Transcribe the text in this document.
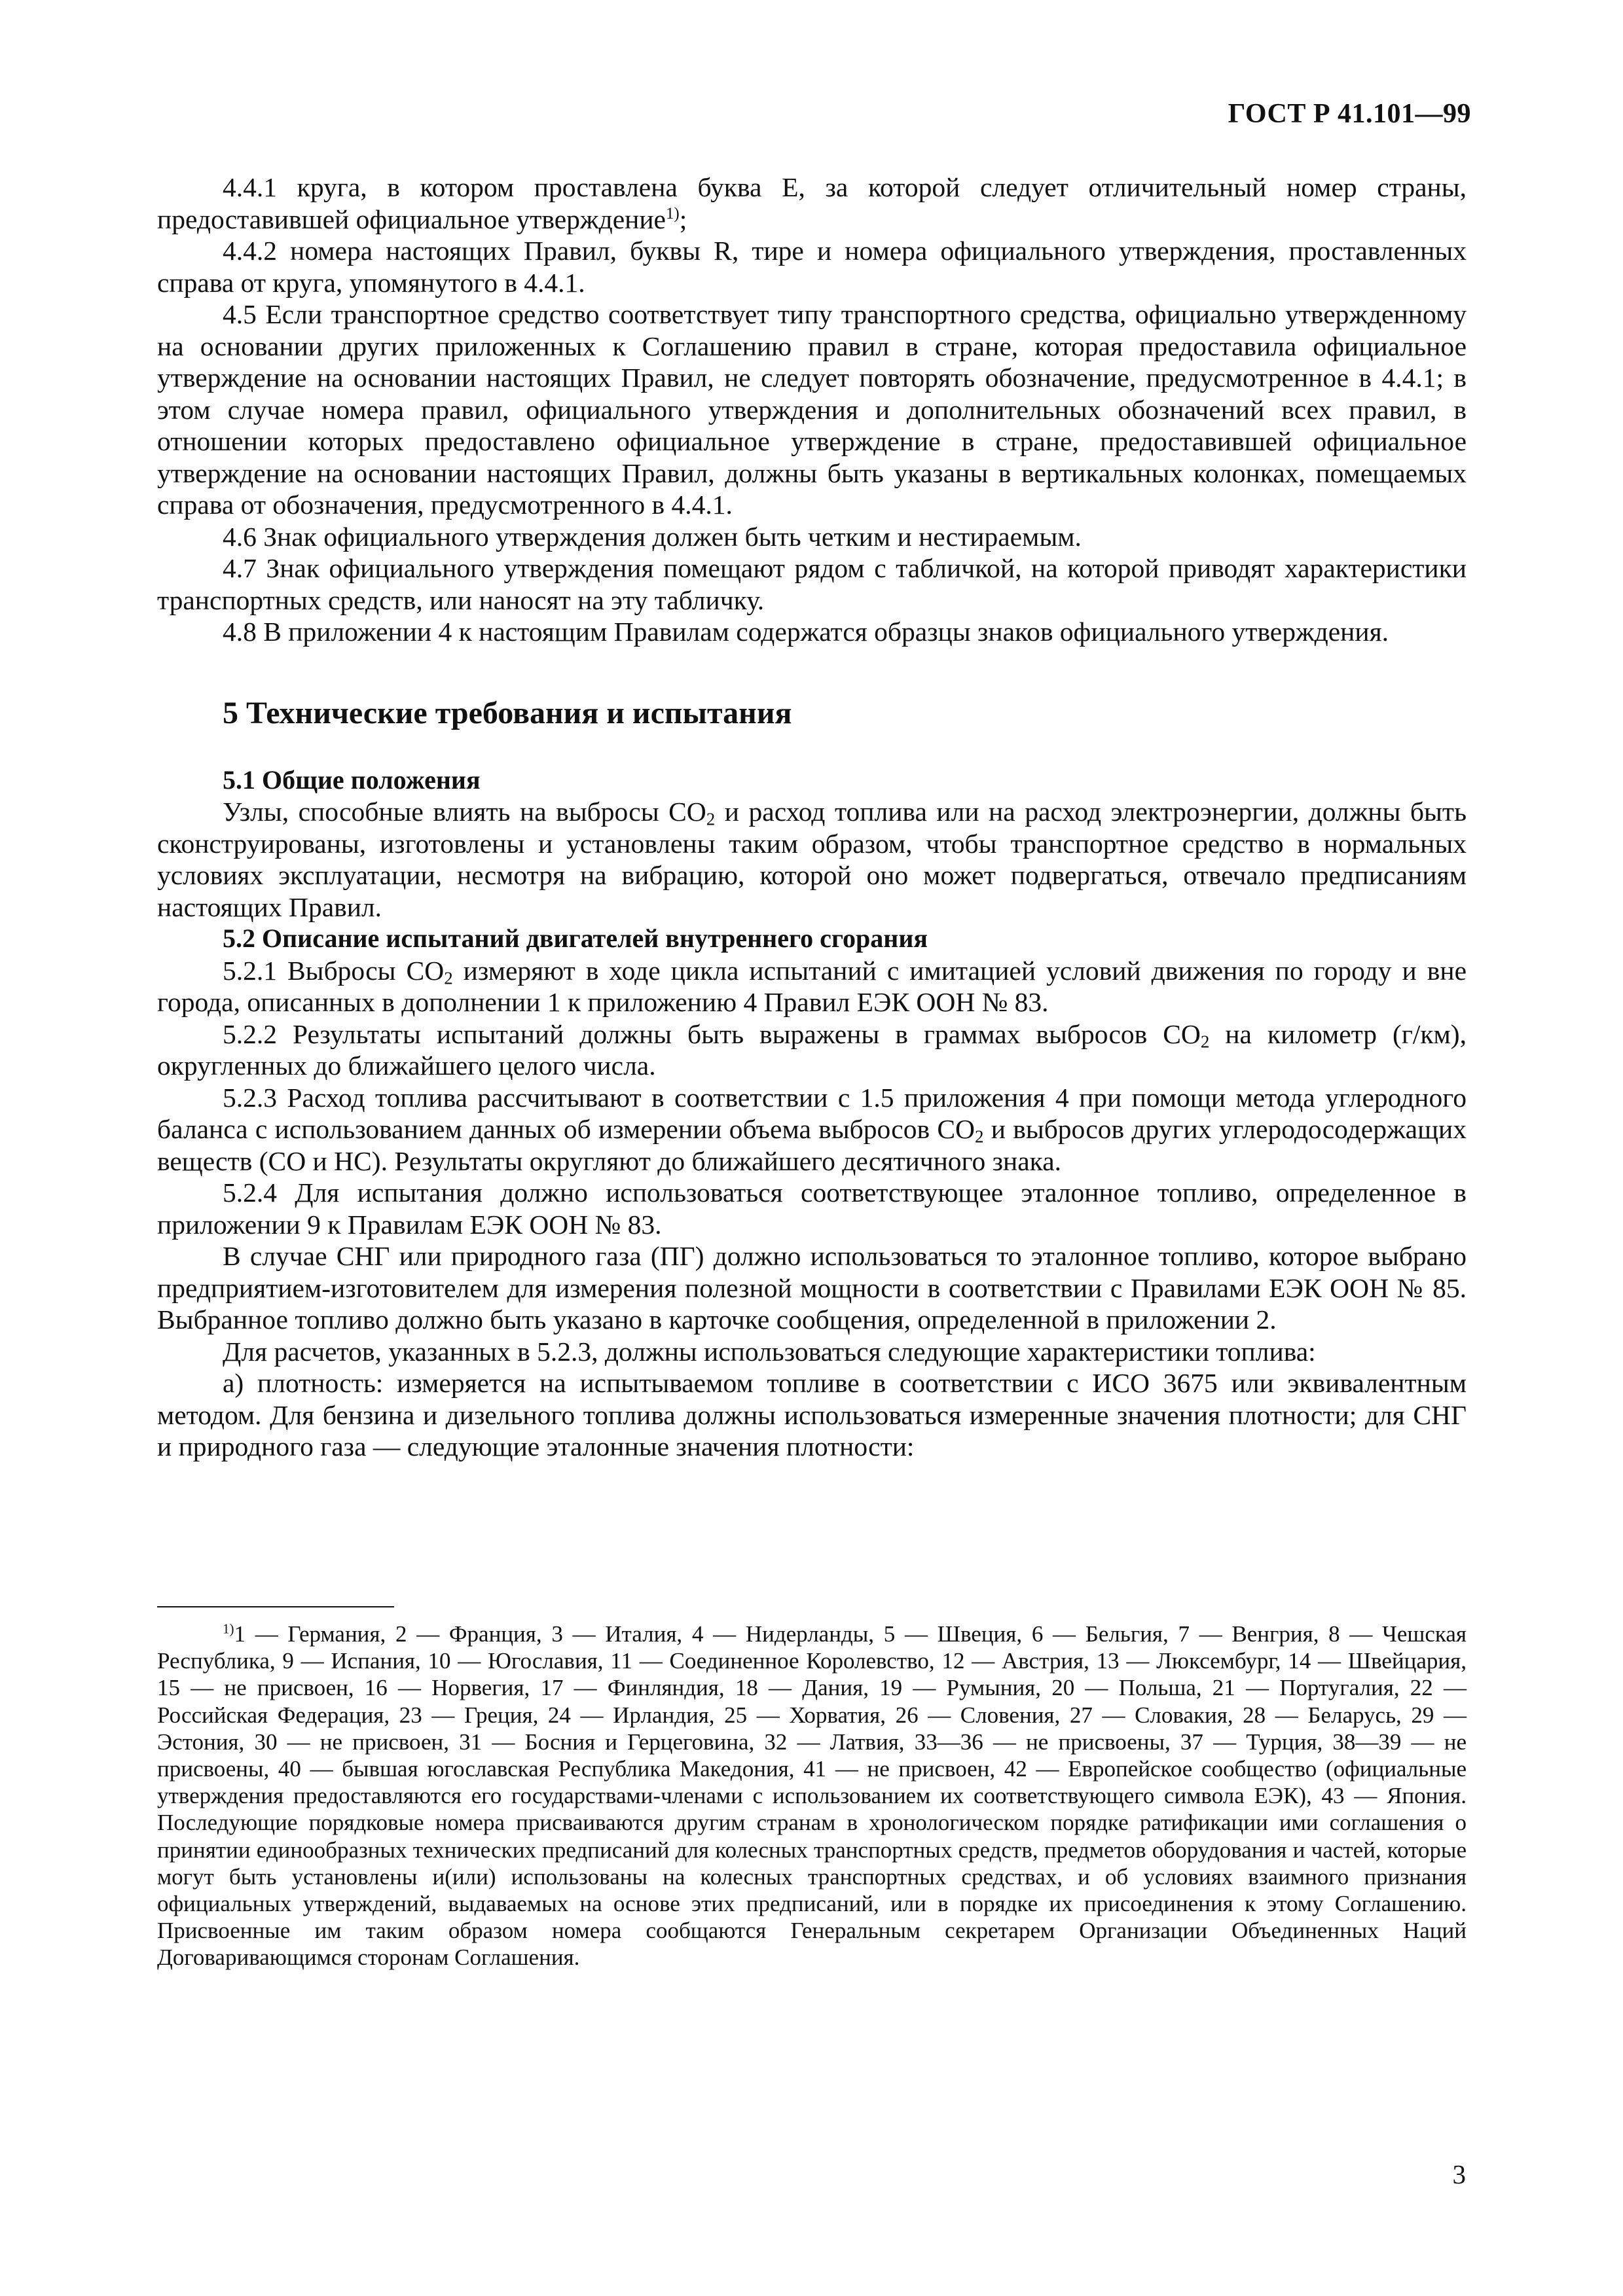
ГОСТ Р 41.101—99

4.4.1 круга, в котором проставлена буква E, за которой следует отличительный номер страны, предоставившей официальное утверждение$^{1)}$;

4.4.2 номера настоящих Правил, буквы R, тире и номера официального утверждения, проставленных справа от круга, упомянутого в 4.4.1.

4.5 Если транспортное средство соответствует типу транспортного средства, официально утвержденному на основании других приложенных к Соглашению правил в стране, которая предоставила официальное утверждение на основании настоящих Правил, не следует повторять обозначение, предусмотренное в 4.4.1; в этом случае номера правил, официального утверждения и дополнительных обозначений всех правил, в отношении которых предоставлено официальное утверждение в стране, предоставившей официальное утверждение на основании настоящих Правил, должны быть указаны в вертикальных колонках, помещаемых справа от обозначения, предусмотренного в 4.4.1.

4.6 Знак официального утверждения должен быть четким и нестираемым.

4.7 Знак официального утверждения помещают рядом с табличкой, на которой приводят характеристики транспортных средств, или наносят на эту табличку.

4.8 В приложении 4 к настоящим Правилам содержатся образцы знаков официального утверждения.

5 Технические требования и испытания

5.1 Общие положения

Узлы, способные влиять на выбросы $CO_2$ и расход топлива или на расход электроэнергии, должны быть сконструированы, изготовлены и установлены таким образом, чтобы транспортное средство в нормальных условиях эксплуатации, несмотря на вибрацию, которой оно может подвергаться, отвечало предписаниям настоящих Правил.

5.2 Описание испытаний двигателей внутреннего сгорания

5.2.1 Выбросы $CO_2$ измеряют в ходе цикла испытаний с имитацией условий движения по городу и вне города, описанных в дополнении 1 к приложению 4 Правил ЕЭК ООН № 83.

5.2.2 Результаты испытаний должны быть выражены в граммах выбросов $CO_2$ на километр (г/км), округленных до ближайшего целого числа.

5.2.3 Расход топлива рассчитывают в соответствии с 1.5 приложения 4 при помощи метода углеродного баланса с использованием данных об измерении объема выбросов $CO_2$ и выбросов других углеродосодержащих веществ (CO и HC). Результаты округляют до ближайшего десятичного знака.

5.2.4 Для испытания должно использоваться соответствующее эталонное топливо, определенное в приложении 9 к Правилам ЕЭК ООН № 83.

В случае СНГ или природного газа (ПГ) должно использоваться то эталонное топливо, которое выбрано предприятием-изготовителем для измерения полезной мощности в соответствии с Правилами ЕЭК ООН № 85. Выбранное топливо должно быть указано в карточке сообщения, определенной в приложении 2.

Для расчетов, указанных в 5.2.3, должны использоваться следующие характеристики топлива:

а) плотность: измеряется на испытываемом топливе в соответствии с ИСО 3675 или эквивалентным методом. Для бензина и дизельного топлива должны использоваться измеренные значения плотности; для СНГ и природного газа — следующие эталонные значения плотности:

$^{1)}$1 — Германия, 2 — Франция, 3 — Италия, 4 — Нидерланды, 5 — Швеция, 6 — Бельгия, 7 — Венгрия, 8 — Чешская Республика, 9 — Испания, 10 — Югославия, 11 — Соединенное Королевство, 12 — Австрия, 13 — Люксембург, 14 — Швейцария, 15 — не присвоен, 16 — Норвегия, 17 — Финляндия, 18 — Дания, 19 — Румыния, 20 — Польша, 21 — Португалия, 22 — Российская Федерация, 23 — Греция, 24 — Ирландия, 25 — Хорватия, 26 — Словения, 27 — Словакия, 28 — Беларусь, 29 — Эстония, 30 — не присвоен, 31 — Босния и Герцеговина, 32 — Латвия, 33—36 — не присвоены, 37 — Турция, 38—39 — не присвоены, 40 — бывшая югославская Республика Македония, 41 — не присвоен, 42 — Европейское сообщество (официальные утверждения предоставляются его государствами-членами с использованием их соответствующего символа ЕЭК), 43 — Япония. Последующие порядковые номера присваиваются другим странам в хронологическом порядке ратификации ими соглашения о принятии единообразных технических предписаний для колесных транспортных средств, предметов оборудования и частей, которые могут быть установлены и(или) использованы на колесных транспортных средствах, и об условиях взаимного признания официальных утверждений, выдаваемых на основе этих предписаний, или в порядке их присоединения к этому Соглашению. Присвоенные им таким образом номера сообщаются Генеральным секретарем Организации Объединенных Наций Договаривающимся сторонам Соглашения.
3
